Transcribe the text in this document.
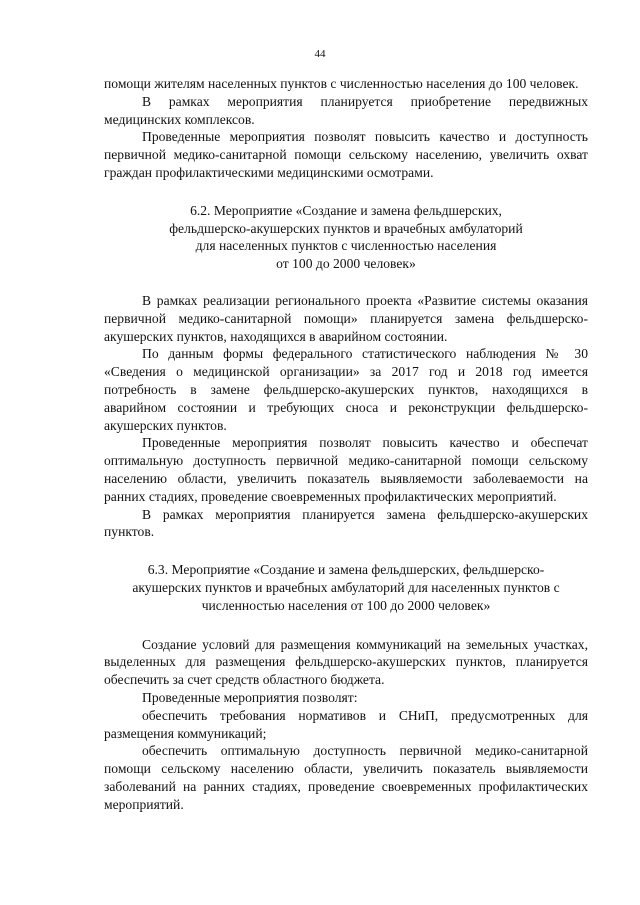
44

помощи жителям населенных пунктов с численностью населения до 100 человек.

В рамках мероприятия планируется приобретение передвижных медицинских комплексов.

Проведенные мероприятия позволят повысить качество и доступность первичной медико-санитарной помощи сельскому населению, увеличить охват граждан профилактическими медицинскими осмотрами.

6.2. Мероприятие «Создание и замена фельдшерских,
фельдшерско-акушерских пунктов и врачебных амбулаторий
для населенных пунктов с численностью населения
от 100 до 2000 человек»

В рамках реализации регионального проекта «Развитие системы оказания первичной медико-санитарной помощи» планируется замена фельдшерско-акушерских пунктов, находящихся в аварийном состоянии.

По данным формы федерального статистического наблюдения № 30 «Сведения о медицинской организации» за 2017 год и 2018 год имеется потребность в замене фельдшерско-акушерских пунктов, находящихся в аварийном состоянии и требующих сноса и реконструкции фельдшерско-акушерских пунктов.

Проведенные мероприятия позволят повысить качество и обеспечат оптимальную доступность первичной медико-санитарной помощи сельскому населению области, увеличить показатель выявляемости заболеваемости на ранних стадиях, проведение своевременных профилактических мероприятий.

В рамках мероприятия планируется замена фельдшерско-акушерских пунктов.

6.3. Мероприятие «Создание и замена фельдшерских, фельдшерско-
акушерских пунктов и врачебных амбулаторий для населенных пунктов с
численностью населения от 100 до 2000 человек»

Создание условий для размещения коммуникаций на земельных участках, выделенных для размещения фельдшерско-акушерских пунктов, планируется обеспечить за счет средств областного бюджета.

Проведенные мероприятия позволят:

обеспечить требования нормативов и СНиП, предусмотренных для размещения коммуникаций;

обеспечить оптимальную доступность первичной медико-санитарной помощи сельскому населению области, увеличить показатель выявляемости заболеваний на ранних стадиях, проведение своевременных профилактических мероприятий.
